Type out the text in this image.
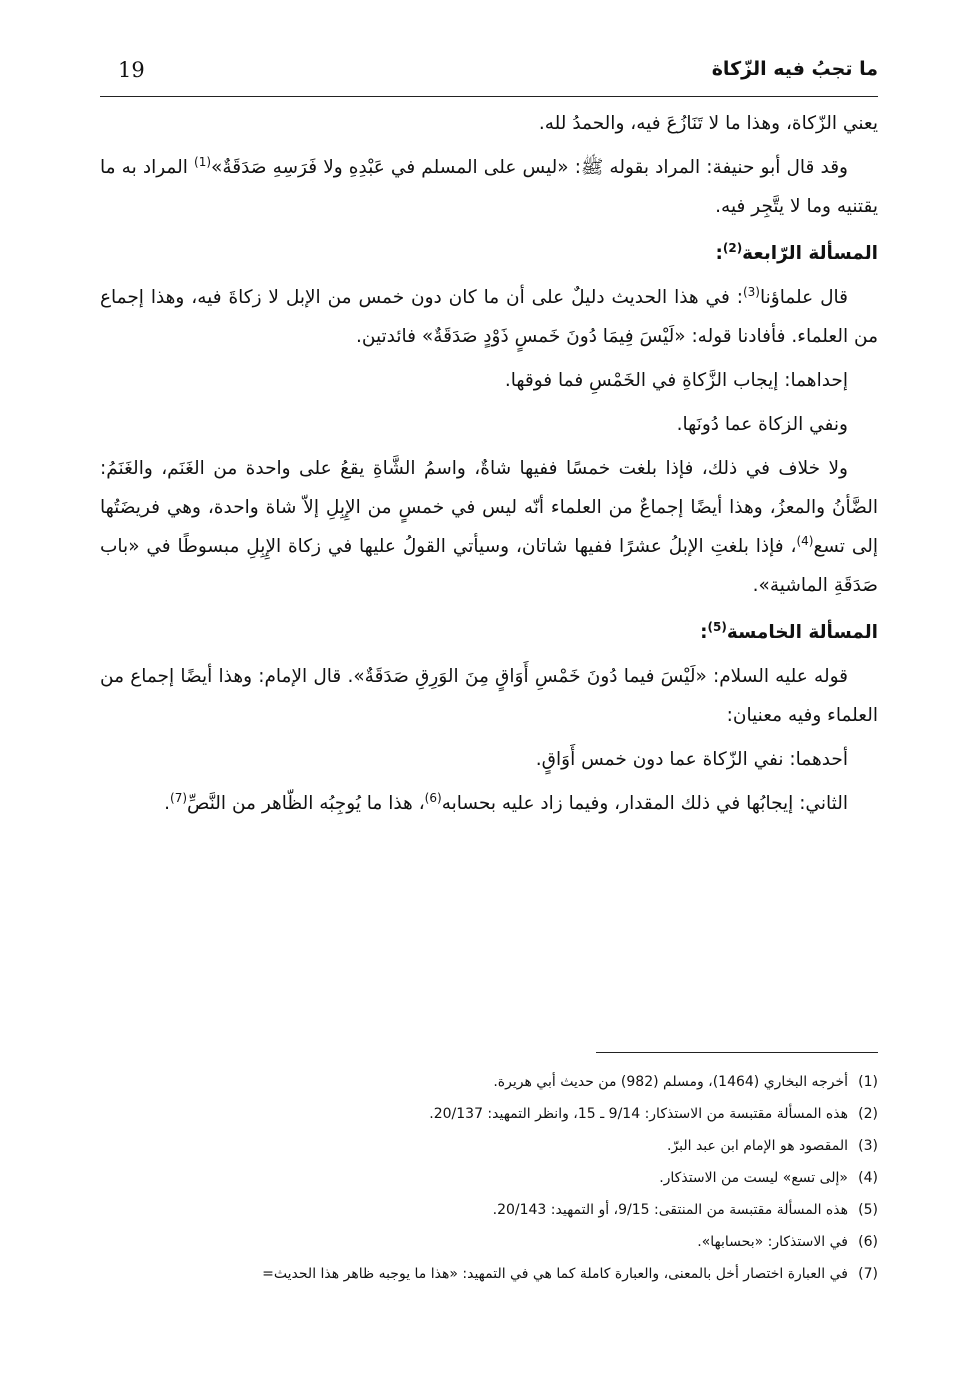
19	ما تجبُ فيه الزّكاة

يعني الزّكاة، وهذا ما لا تَنَازُعَ فيه، والحمدُ لله.

وقد قال أبو حنيفة: المراد بقوله ﷺ: «ليس على المسلم في عَبْدِهِ ولا فَرَسِهِ صَدَقَةٌ»$^{(1)}$ المراد به ما يقتنيه وما لا يتَّجِر فيه.

المسألة الرّابعة$^{(2)}$:

قال علماؤنا$^{(3)}$: في هذا الحديث دليلٌ على أن ما كان دون خمس من الإبل لا زكاةَ فيه، وهذا إجماع من العلماء. فأفادنا قوله: «لَيْسَ فِيمَا دُونَ خَمسٍ ذَوْدٍ صَدَقَةٌ» فائدتين.

إحداهما: إيجاب الزَّكاةِ في الخَمْسِ فما فوقها.

ونفي الزكاة عما دُونَها.

ولا خلاف في ذلك، فإذا بلغت خمسًا ففيها شاةٌ، واسمُ الشَّاةِ يقعُ على واحدة من الغَنَم، والغَنَمُ: الضَّأنُ والمعزُ، وهذا أيضًا إجماعٌ من العلماء أنّه ليس في خمسٍ من الإِبِلِ إلاّ شاة واحدة، وهي فريضَتُها إلى تسع$^{(4)}$، فإذا بلغتِ الإبلُ عشرًا ففيها شاتان، وسيأتي القولُ عليها في زكاة الإِبِلِ مبسوطًا في «باب صَدَقَةِ الماشية».

المسألة الخامسة$^{(5)}$:

قوله عليه السلام: «لَيْسَ فيما دُونَ خَمْسِ أَوَاقٍ مِنَ الوَرِقِ صَدَقَةٌ». قال الإمام: وهذا أيضًا إجماع من العلماء وفيه معنيان:

أحدهما: نفي الزّكاة عما دون خمس أَوَاقٍ.

الثاني: إيجابُها في ذلك المقدار، وفيما زاد عليه بحسابه$^{(6)}$، هذا ما يُوجِبُه الظّاهر من النَّصِّ$^{(7)}$.

(1)
أخرجه البخاري (1464)، ومسلم (982) من حديث أبي هريرة.
(2)
هذه المسألة مقتبسة من الاستذكار: 9/14 ـ 15، وانظر التمهيد: 20/137.
(3)
المقصود هو الإمام ابن عبد البرّ.
(4)
«إلى تسع» ليست من الاستذكار.
(5)
هذه المسألة مقتبسة من المنتقى: 9/15، أو التمهيد: 20/143.
(6)
في الاستذكار: «بحسابها».
(7)
في العبارة اختصار أخل بالمعنى، والعبارة كاملة كما هي في التمهيد: «هذا ما يوجبه ظاهر هذا الحديث=
